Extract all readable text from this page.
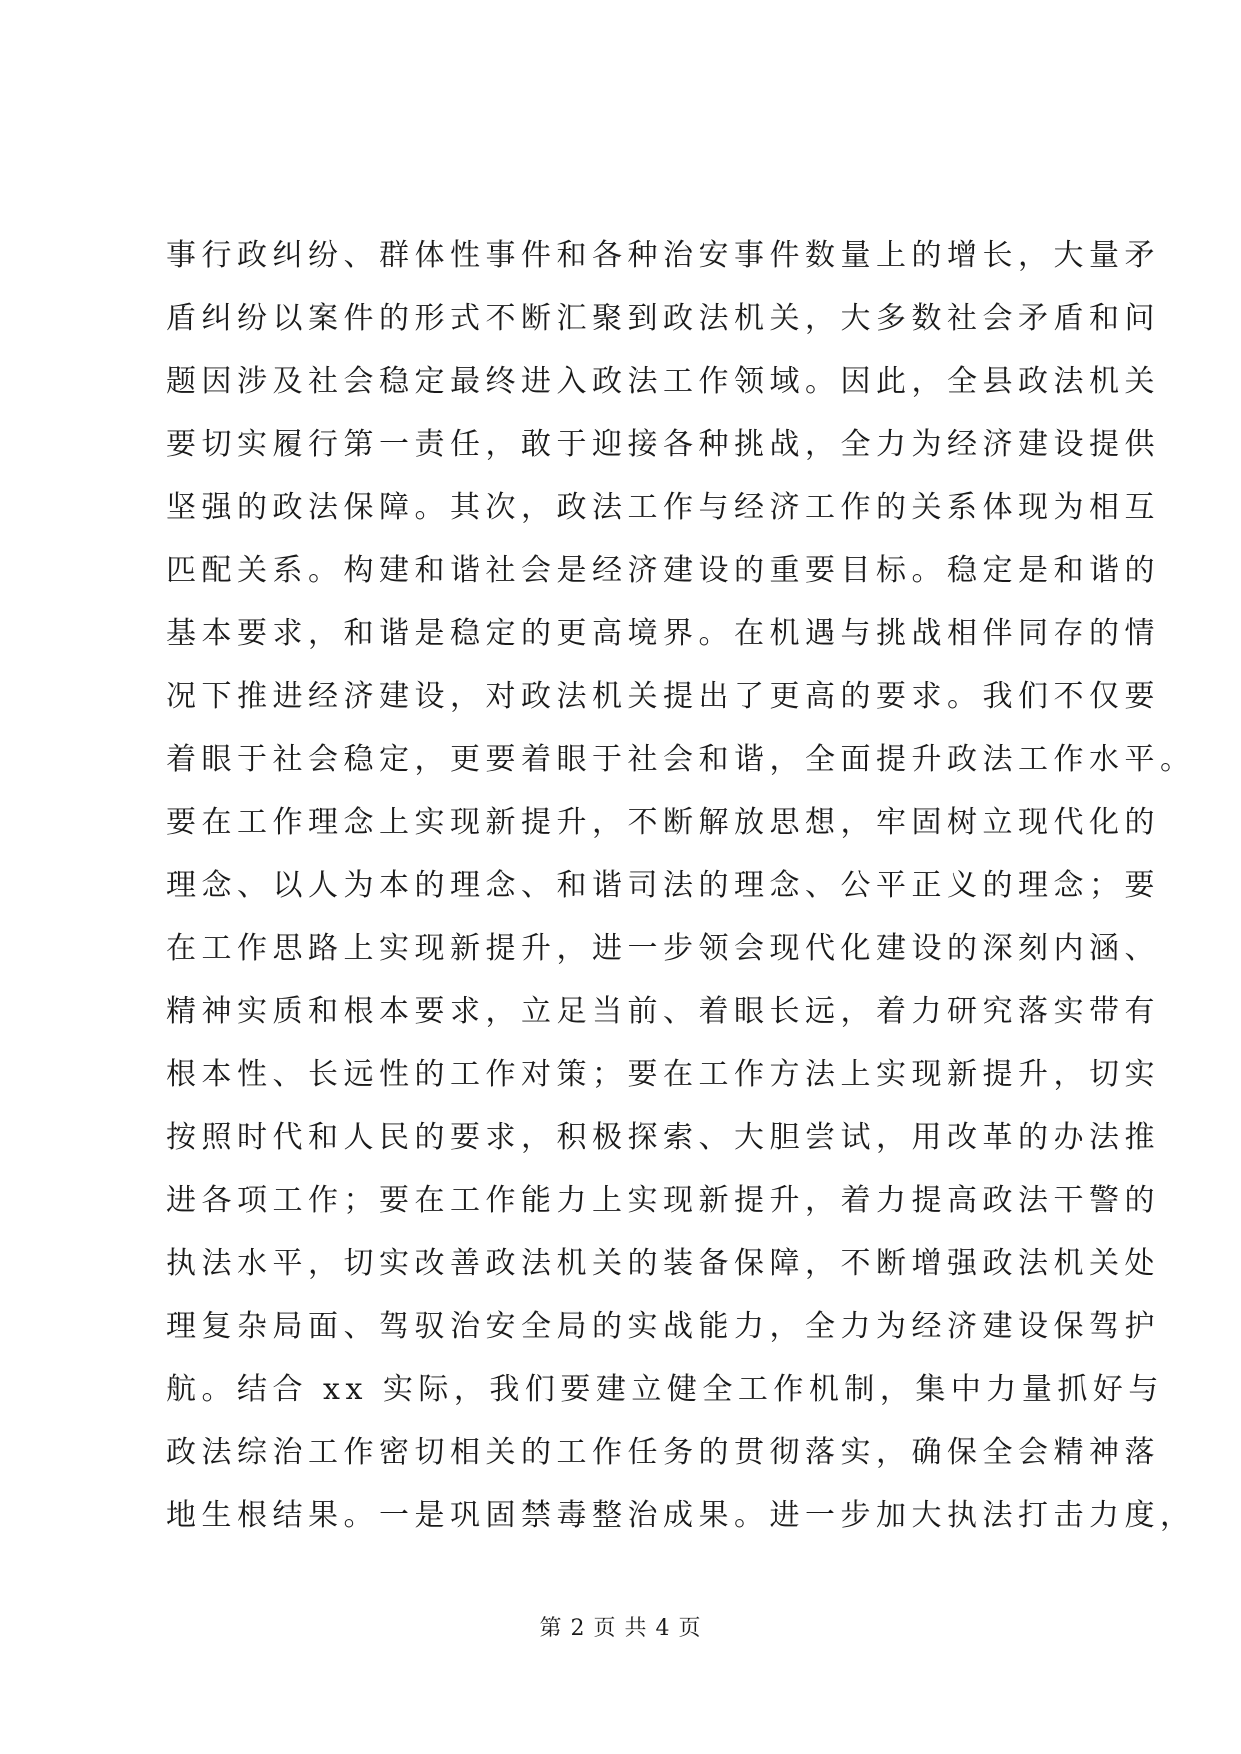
事行政纠纷、群体性事件和各种治安事件数量上的增长，大量矛
盾纠纷以案件的形式不断汇聚到政法机关，大多数社会矛盾和问
题因涉及社会稳定最终进入政法工作领域。因此，全县政法机关
要切实履行第一责任，敢于迎接各种挑战，全力为经济建设提供
坚强的政法保障。其次，政法工作与经济工作的关系体现为相互
匹配关系。构建和谐社会是经济建设的重要目标。稳定是和谐的
基本要求，和谐是稳定的更高境界。在机遇与挑战相伴同存的情
况下推进经济建设，对政法机关提出了更高的要求。我们不仅要
着眼于社会稳定，更要着眼于社会和谐，全面提升政法工作水平。
要在工作理念上实现新提升，不断解放思想，牢固树立现代化的
理念、以人为本的理念、和谐司法的理念、公平正义的理念；要
在工作思路上实现新提升，进一步领会现代化建设的深刻内涵、
精神实质和根本要求，立足当前、着眼长远，着力研究落实带有
根本性、长远性的工作对策；要在工作方法上实现新提升，切实
按照时代和人民的要求，积极探索、大胆尝试，用改革的办法推
进各项工作；要在工作能力上实现新提升，着力提高政法干警的
执法水平，切实改善政法机关的装备保障，不断增强政法机关处
理复杂局面、驾驭治安全局的实战能力，全力为经济建设保驾护
航。结合 xx 实际，我们要建立健全工作机制，集中力量抓好与
政法综治工作密切相关的工作任务的贯彻落实，确保全会精神落
地生根结果。一是巩固禁毒整治成果。进一步加大执法打击力度，
第 2 页 共 4 页
